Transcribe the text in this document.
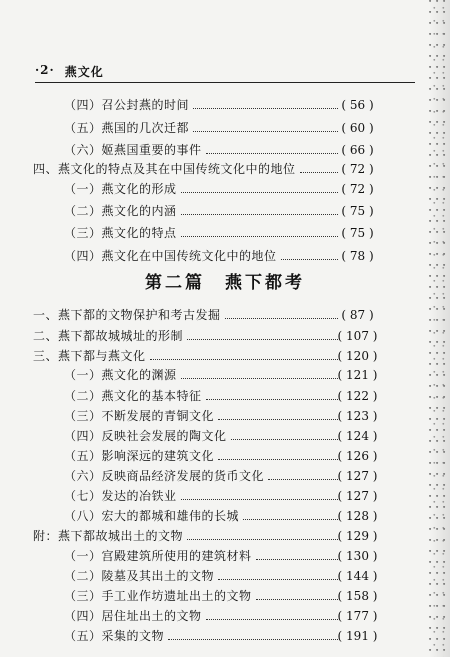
·2· 燕文化
（四）召公封燕的时间	( 56 )
（五）燕国的几次迁都	( 60 )
（六）姬燕国重要的事件	( 66 )
四、燕文化的特点及其在中国传统文化中的地位	( 72 )
（一）燕文化的形成	( 72 )
（二）燕文化的内涵	( 75 )
（三）燕文化的特点	( 75 )
（四）燕文化在中国传统文化中的地位	( 78 )
一、燕下都的文物保护和考古发掘	( 87 )
二、燕下都故城城址的形制	( 107 )
三、燕下都与燕文化	( 120 )
（一）燕文化的渊源	( 121 )
（二）燕文化的基本特征	( 122 )
（三）不断发展的青铜文化	( 123 )
（四）反映社会发展的陶文化	( 124 )
（五）影响深远的建筑文化	( 126 )
（六）反映商品经济发展的货币文化	( 127 )
（七）发达的冶铁业	( 127 )
（八）宏大的都城和雄伟的长城	( 128 )
附：燕下都故城出土的文物	( 129 )
（一）宫殿建筑所使用的建筑材料	( 130 )
（二）陵墓及其出土的文物	( 144 )
（三）手工业作坊遗址出土的文物	( 158 )
（四）居住址出土的文物	( 177 )
（五）采集的文物	( 191 )
第二篇　燕下都考
